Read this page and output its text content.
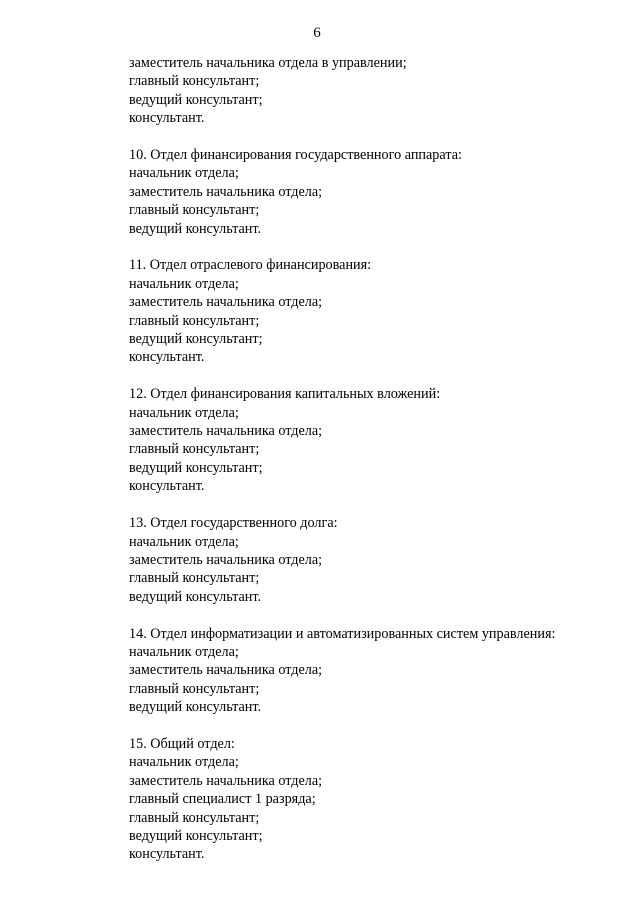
6
заместитель начальника отдела в управлении;
главный консультант;
ведущий консультант;
консультант.
10. Отдел финансирования государственного аппарата:
начальник отдела;
заместитель начальника отдела;
главный консультант;
ведущий консультант.
11. Отдел отраслевого финансирования:
начальник отдела;
заместитель начальника отдела;
главный консультант;
ведущий консультант;
консультант.
12. Отдел финансирования капитальных вложений:
начальник отдела;
заместитель начальника отдела;
главный консультант;
ведущий консультант;
консультант.
13. Отдел государственного долга:
начальник отдела;
заместитель начальника отдела;
главный консультант;
ведущий консультант.
14. Отдел информатизации и автоматизированных систем управления:
начальник отдела;
заместитель начальника отдела;
главный консультант;
ведущий консультант.
15. Общий отдел:
начальник отдела;
заместитель начальника отдела;
главный специалист 1 разряда;
главный консультант;
ведущий консультант;
консультант.
